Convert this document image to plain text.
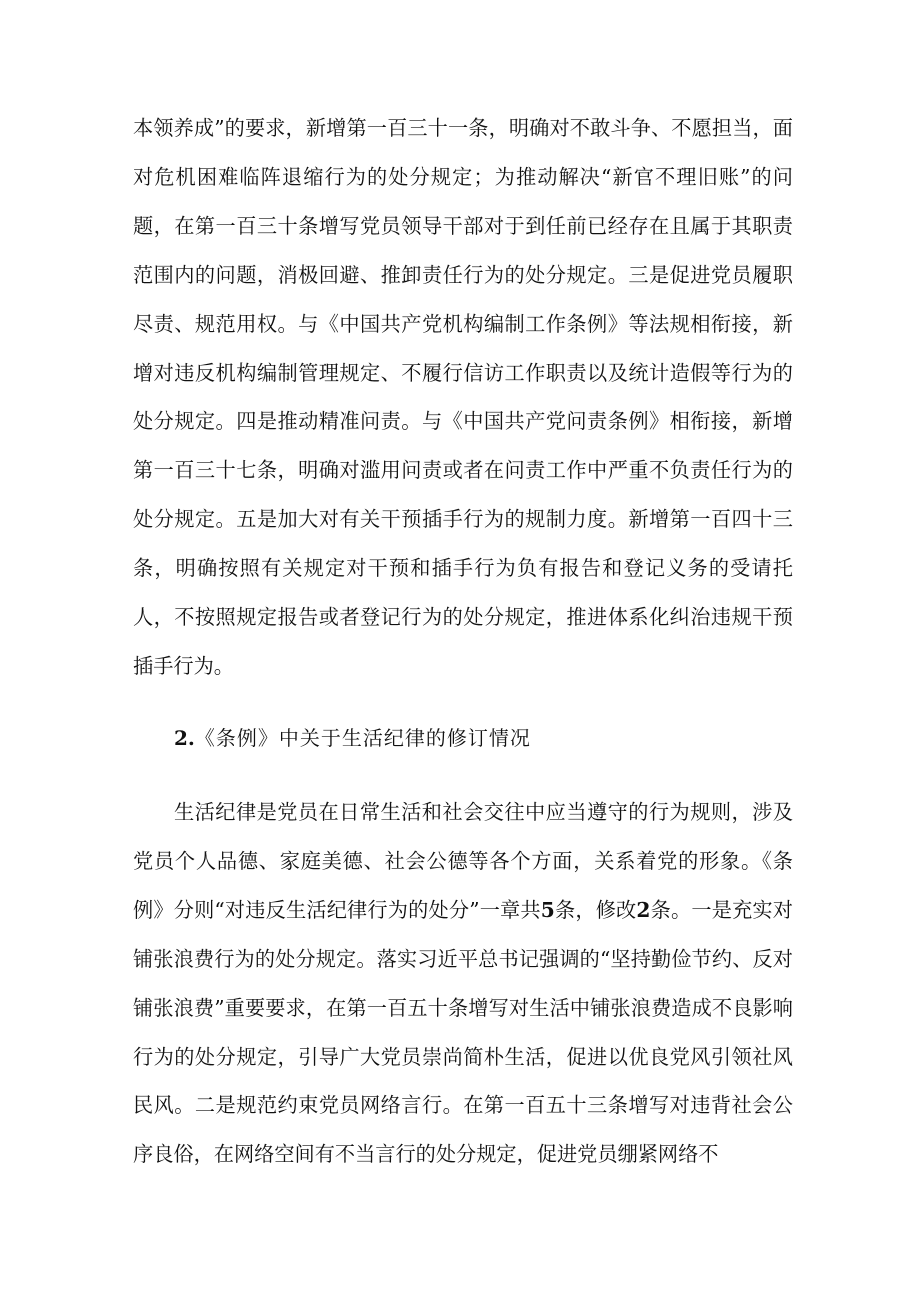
本领养成”的要求，新增第一百三十一条，明确对不敢斗争、不愿担当，面对危机困难临阵退缩行为的处分规定；为推动解决“新官不理旧账”的问题，在第一百三十条增写党员领导干部对于到任前已经存在且属于其职责范围内的问题，消极回避、推卸责任行为的处分规定。三是促进党员履职尽责、规范用权。与《中国共产党机构编制工作条例》等法规相衔接，新增对违反机构编制管理规定、不履行信访工作职责以及统计造假等行为的处分规定。四是推动精准问责。与《中国共产党问责条例》相衔接，新增第一百三十七条，明确对滥用问责或者在问责工作中严重不负责任行为的处分规定。五是加大对有关干预插手行为的规制力度。新增第一百四十三条，明确按照有关规定对干预和插手行为负有报告和登记义务的受请托人，不按照规定报告或者登记行为的处分规定，推进体系化纠治违规干预插手行为。

2.《条例》中关于生活纪律的修订情况

生活纪律是党员在日常生活和社会交往中应当遵守的行为规则，涉及党员个人品德、家庭美德、社会公德等各个方面，关系着党的形象。《条例》分则“对违反生活纪律行为的处分”一章共5条，修改2条。一是充实对铺张浪费行为的处分规定。落实习近平总书记强调的“坚持勤俭节约、反对铺张浪费”重要要求，在第一百五十条增写对生活中铺张浪费造成不良影响行为的处分规定，引导广大党员崇尚简朴生活，促进以优良党风引领社风民风。二是规范约束党员网络言行。在第一百五十三条增写对违背社会公序良俗，在网络空间有不当言行的处分规定，促进党员绷紧网络不
